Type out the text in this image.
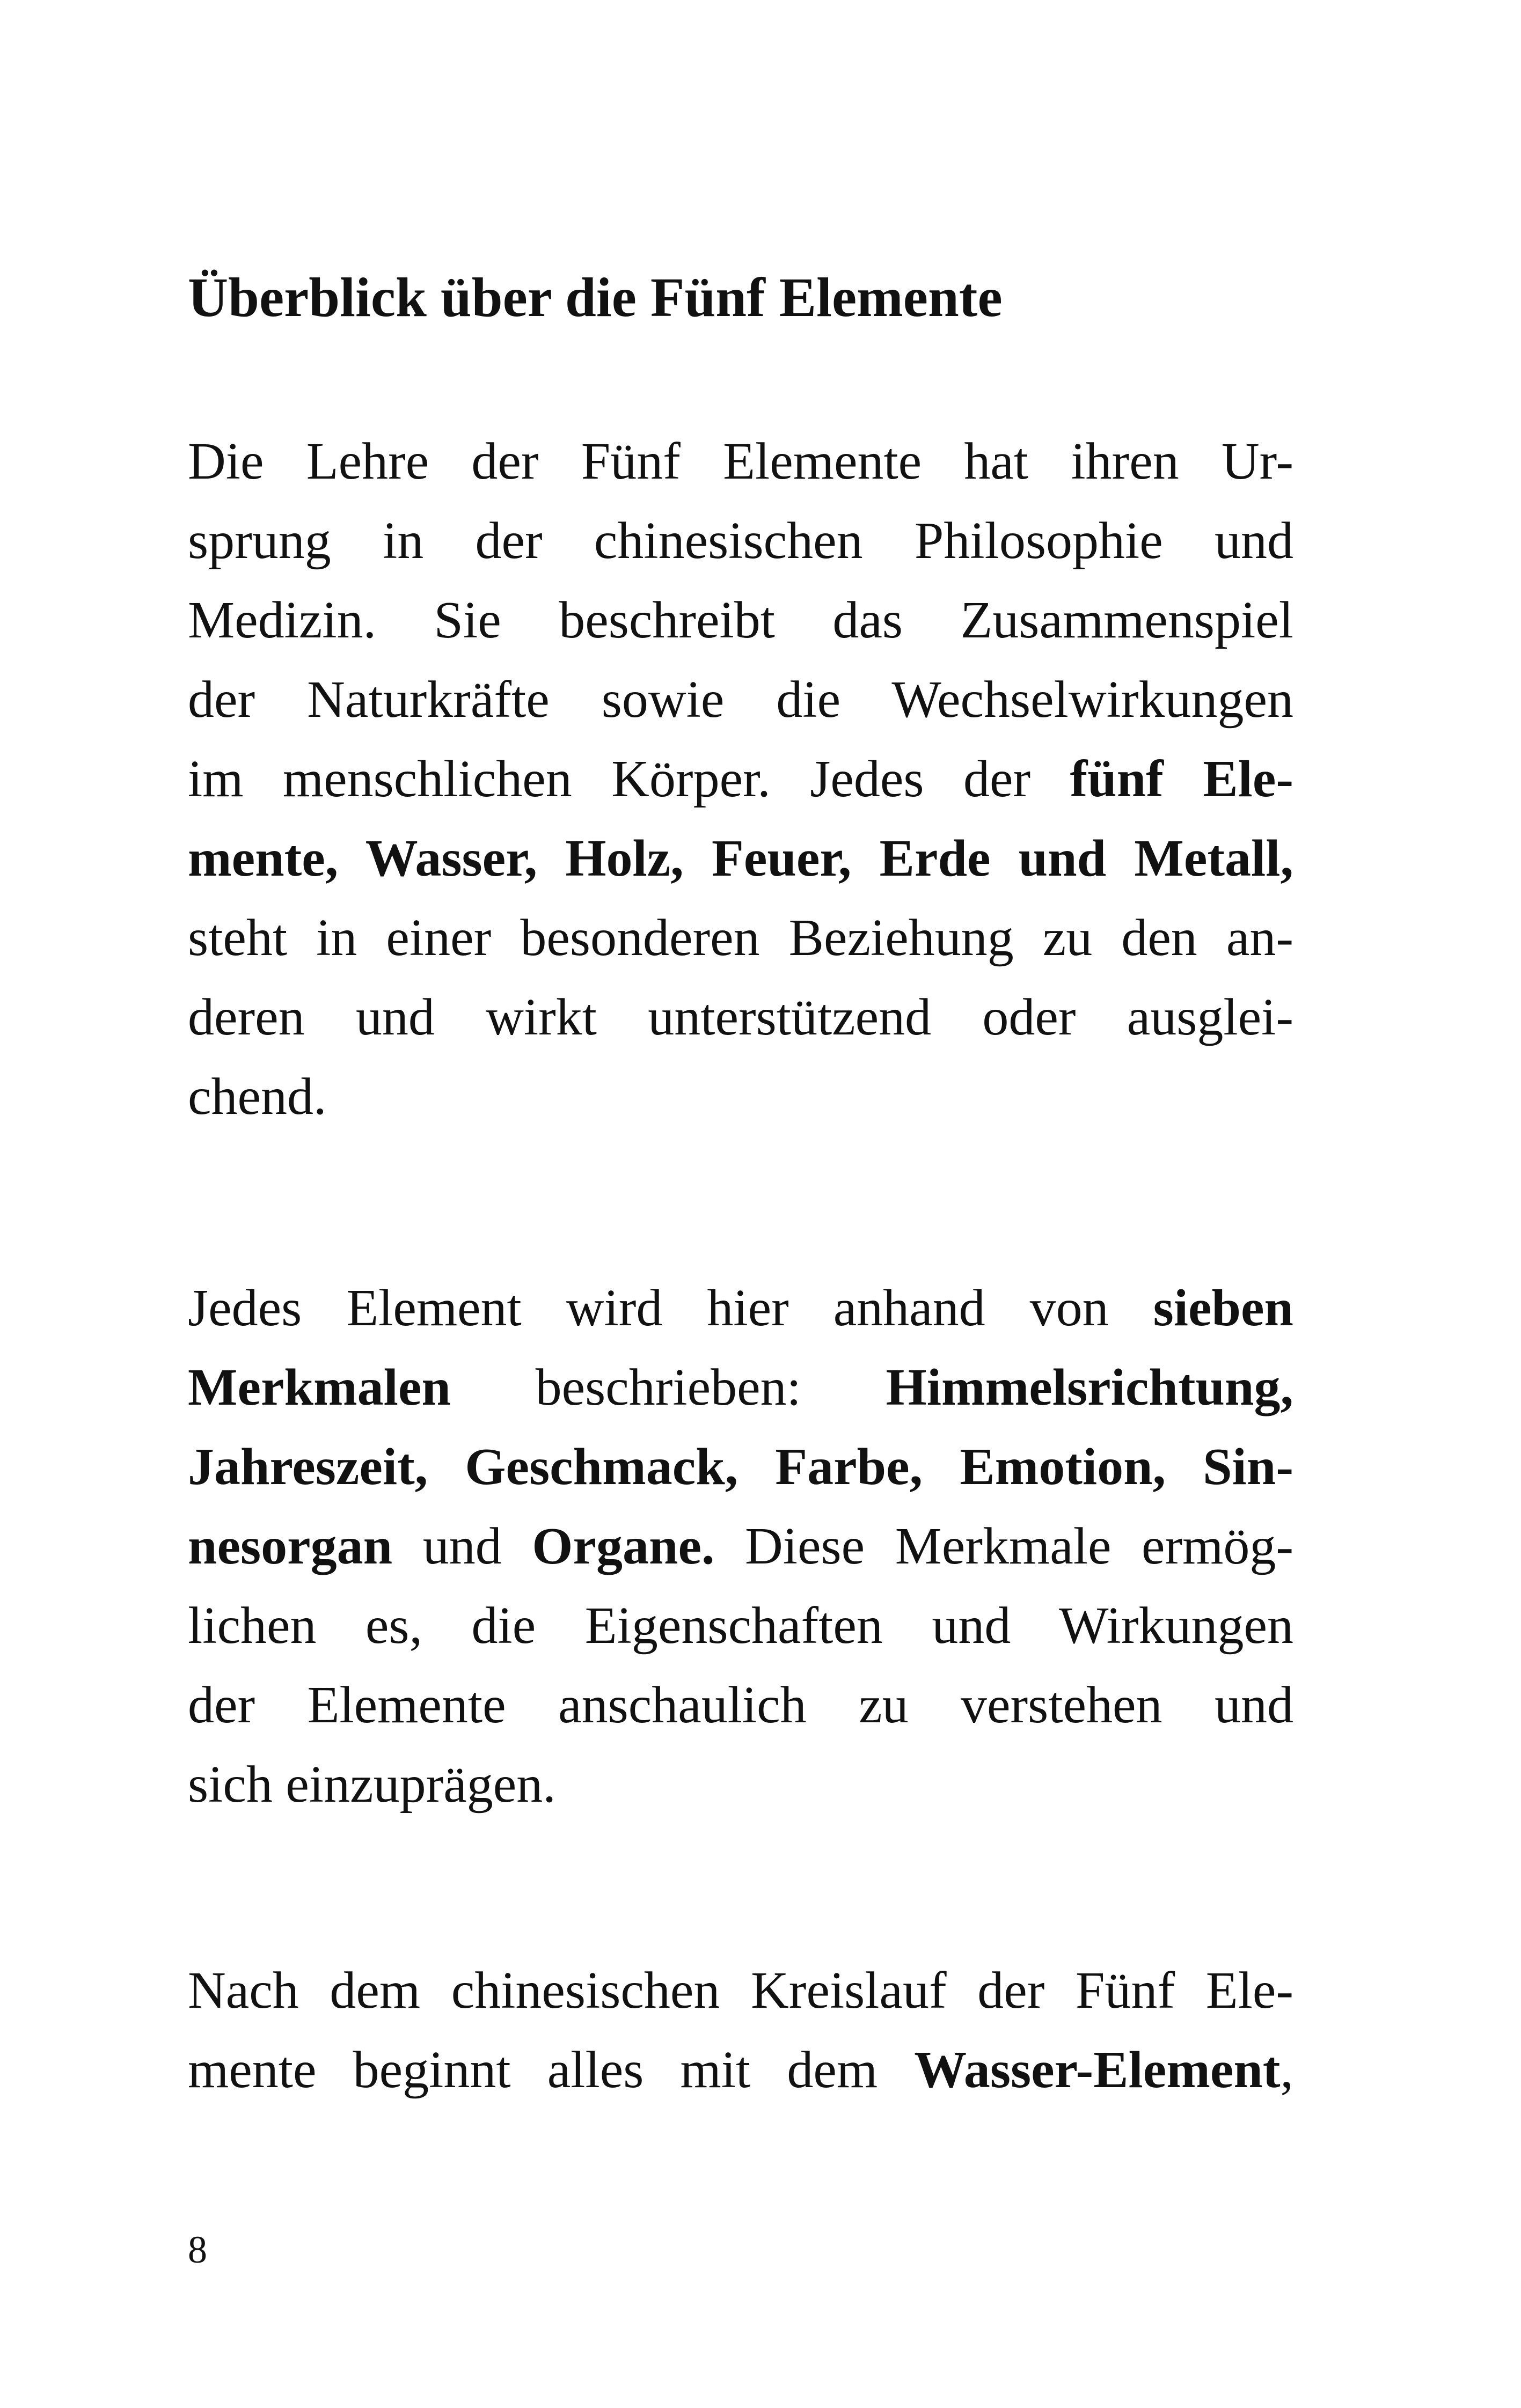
Überblick über die Fünf Elemente
Die Lehre der Fünf Elemente hat ihren Ur-
sprung in der chinesischen Philosophie und
Medizin. Sie beschreibt das Zusammenspiel
der Naturkräfte sowie die Wechselwirkungen
im menschlichen Körper. Jedes der fünf Ele-
mente, Wasser, Holz, Feuer, Erde und Metall,
steht in einer besonderen Beziehung zu den an-
deren und wirkt unterstützend oder ausglei-
chend.
Jedes Element wird hier anhand von sieben
Merkmalen beschrieben: Himmelsrichtung,
Jahreszeit, Geschmack, Farbe, Emotion, Sin-
nesorgan und Organe. Diese Merkmale ermög-
lichen es, die Eigenschaften und Wirkungen
der Elemente anschaulich zu verstehen und
sich einzuprägen.
Nach dem chinesischen Kreislauf der Fünf Ele-
mente beginnt alles mit dem Wasser-Element,
8
